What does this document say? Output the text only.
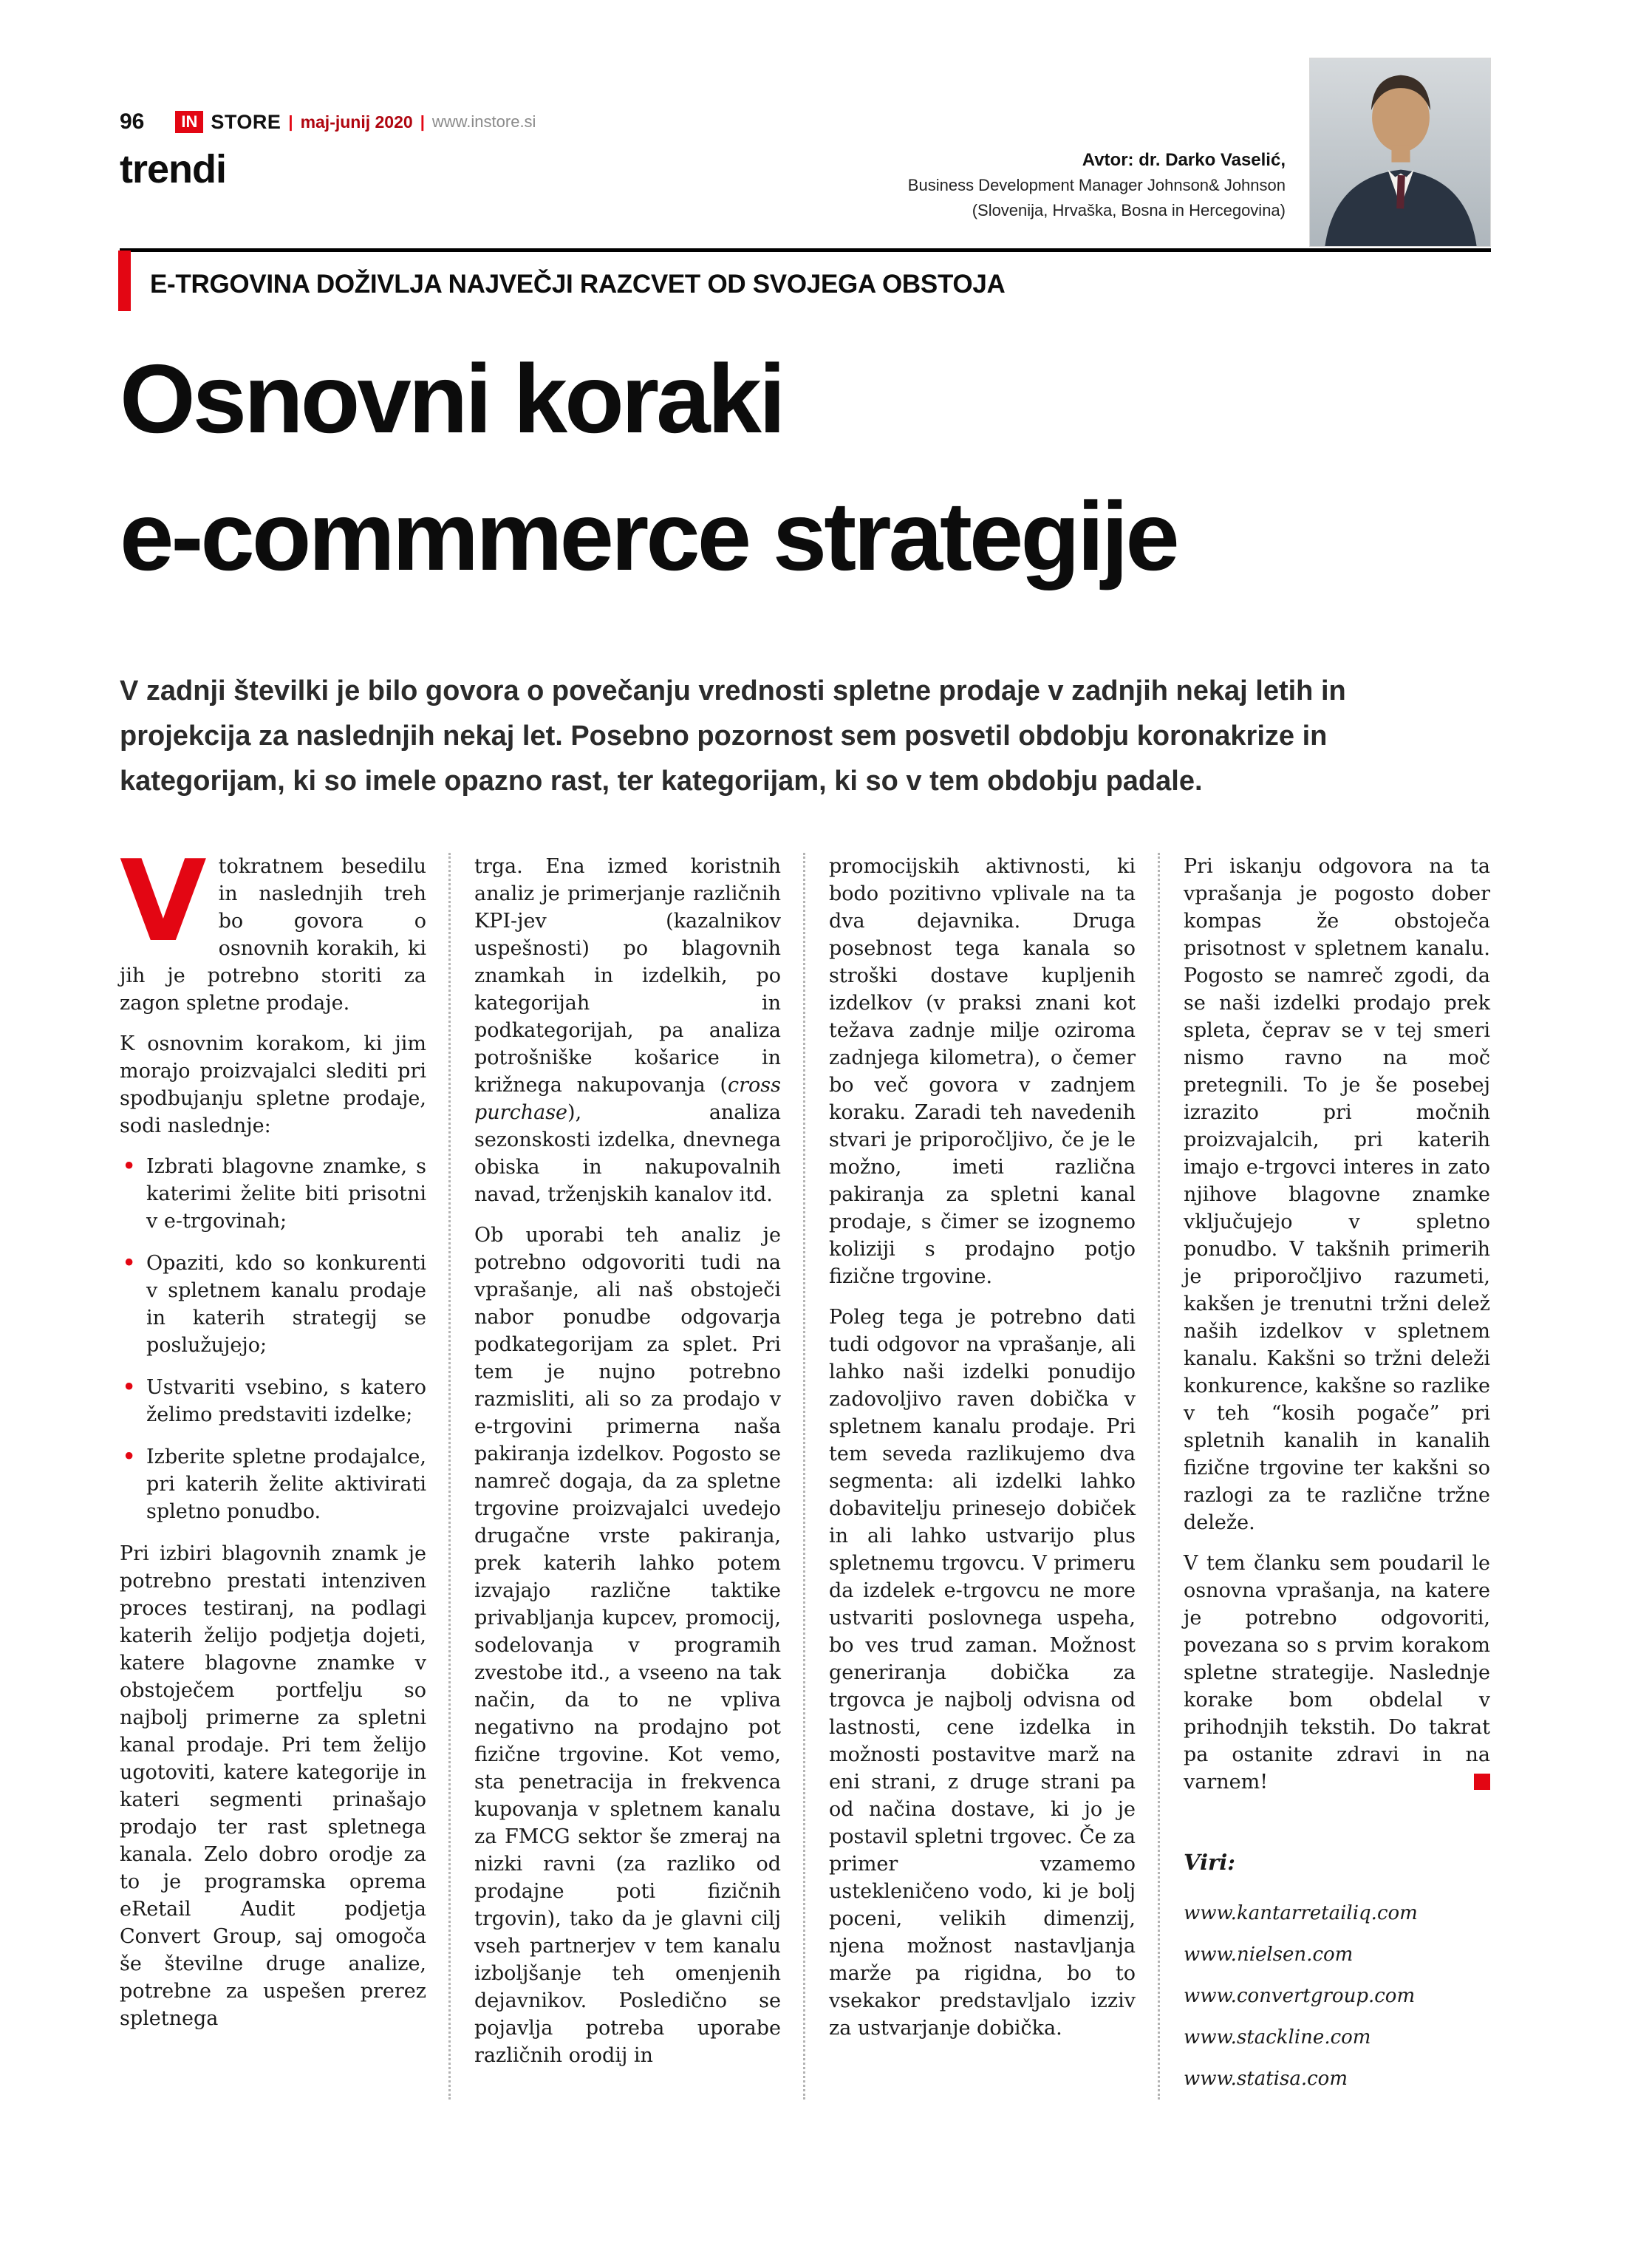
96	IN STORE | maj-junij 2020 | www.instore.si
trendi	Avtor: dr. Darko Vaselić,
Business Development Manager Johnson& Johnson
(Slovenija, Hrvaška, Bosna in Hercegovina)
E-TRGOVINA DOŽIVLJA NAJVEČJI RAZCVET OD SVOJEGA OBSTOJA
Osnovni koraki
e-commmerce strategije
V zadnji številki je bilo govora o povečanju vrednosti spletne prodaje v zadnjih nekaj letih in projekcija za naslednjih nekaj let. Posebno pozornost sem posvetil obdobju koronakrize in kategorijam, ki so imele opazno rast, ter kategorijam, ki so v tem obdobju padale.

Vtokratnem besedilu in naslednjih treh bo govora o osnovnih korakih, ki jih je potrebno storiti za zagon spletne prodaje.

K osnovnim korakom, ki jim morajo proizvajalci slediti pri spodbujanju spletne prodaje, sodi naslednje:

• Izbrati blagovne znamke, s katerimi želite biti prisotni v e-trgovinah;
• Opaziti, kdo so konkurenti v spletnem kanalu prodaje in katerih strategij se poslužujejo;
• Ustvariti vsebino, s katero želimo predstaviti izdelke;
• Izberite spletne prodajalce, pri katerih želite aktivirati spletno ponudbo.

Pri izbiri blagovnih znamk je potrebno prestati intenziven proces testiranj, na podlagi katerih želijo podjetja dojeti, katere blagovne znamke v obstoječem portfelju so najbolj primerne za spletni kanal prodaje. Pri tem želijo ugotoviti, katere kategorije in kateri segmenti prinašajo prodajo ter rast spletnega kanala. Zelo dobro orodje za to je programska oprema eRetail Audit podjetja Convert Group, saj omogoča še številne druge analize, potrebne za uspešen prerez spletnega

trga. Ena izmed koristnih analiz je primerjanje različnih KPI-jev (kazalnikov uspešnosti) po blagovnih znamkah in izdelkih, po kategorijah in podkategorijah, pa analiza potrošniške košarice in križnega nakupovanja (cross purchase), analiza sezonskosti izdelka, dnevnega obiska in nakupovalnih navad, trženjskih kanalov itd.

Ob uporabi teh analiz je potrebno odgovoriti tudi na vprašanje, ali naš obstoječi nabor ponudbe odgovarja podkategorijam za splet. Pri tem je nujno potrebno razmisliti, ali so za prodajo v e-trgovini primerna naša pakiranja izdelkov. Pogosto se namreč dogaja, da za spletne trgovine proizvajalci uvedejo drugačne vrste pakiranja, prek katerih lahko potem izvajajo različne taktike privabljanja kupcev, promocij, sodelovanja v programih zvestobe itd., a vseeno na tak način, da to ne vpliva negativno na prodajno pot fizične trgovine. Kot vemo, sta penetracija in frekvenca kupovanja v spletnem kanalu za FMCG sektor še zmeraj na nizki ravni (za razliko od prodajne poti fizičnih trgovin), tako da je glavni cilj vseh partnerjev v tem kanalu izboljšanje teh omenjenih dejavnikov. Posledično se pojavlja potreba uporabe različnih orodij in

promocijskih aktivnosti, ki bodo pozitivno vplivale na ta dva dejavnika. Druga posebnost tega kanala so stroški dostave kupljenih izdelkov (v praksi znani kot težava zadnje milje oziroma zadnjega kilometra), o čemer bo več govora v zadnjem koraku. Zaradi teh navedenih stvari je priporočljivo, če je le možno, imeti različna pakiranja za spletni kanal prodaje, s čimer se izognemo koliziji s prodajno potjo fizične trgovine.

Poleg tega je potrebno dati tudi odgovor na vprašanje, ali lahko naši izdelki ponudijo zadovoljivo raven dobička v spletnem kanalu prodaje. Pri tem seveda razlikujemo dva segmenta: ali izdelki lahko dobavitelju prinesejo dobiček in ali lahko ustvarijo plus spletnemu trgovcu. V primeru da izdelek e-trgovcu ne more ustvariti poslovnega uspeha, bo ves trud zaman. Možnost generiranja dobička za trgovca je najbolj odvisna od lastnosti, cene izdelka in možnosti postavitve marž na eni strani, z druge strani pa od načina dostave, ki jo je postavil spletni trgovec. Če za primer vzamemo ustekleničeno vodo, ki je bolj poceni, velikih dimenzij, njena možnost nastavljanja marže pa rigidna, bo to vsekakor predstavljalo izziv za ustvarjanje dobička.

Pri iskanju odgovora na ta vprašanja je pogosto dober kompas že obstoječa prisotnost v spletnem kanalu. Pogosto se namreč zgodi, da se naši izdelki prodajo prek spleta, čeprav se v tej smeri nismo ravno na moč pretegnili. To je še posebej izrazito pri močnih proizvajalcih, pri katerih imajo e-trgovci interes in zato njihove blagovne znamke vključujejo v spletno ponudbo. V takšnih primerih je priporočljivo razumeti, kakšen je trenutni tržni delež naših izdelkov v spletnem kanalu. Kakšni so tržni deleži konkurence, kakšne so razlike v teh “kosih pogače” pri spletnih kanalih in kanalih fizične trgovine ter kakšni so razlogi za te različne tržne deleže.

V tem članku sem poudaril le osnovna vprašanja, na katere je potrebno odgovoriti, povezana so s prvim korakom spletne strategije. Naslednje korake bom obdelal v prihodnjih tekstih. Do takrat pa ostanite zdravi in na varnem!

Viri:
www.kantarretailiq.com
www.nielsen.com
www.convertgroup.com
www.stackline.com
www.statisa.com
